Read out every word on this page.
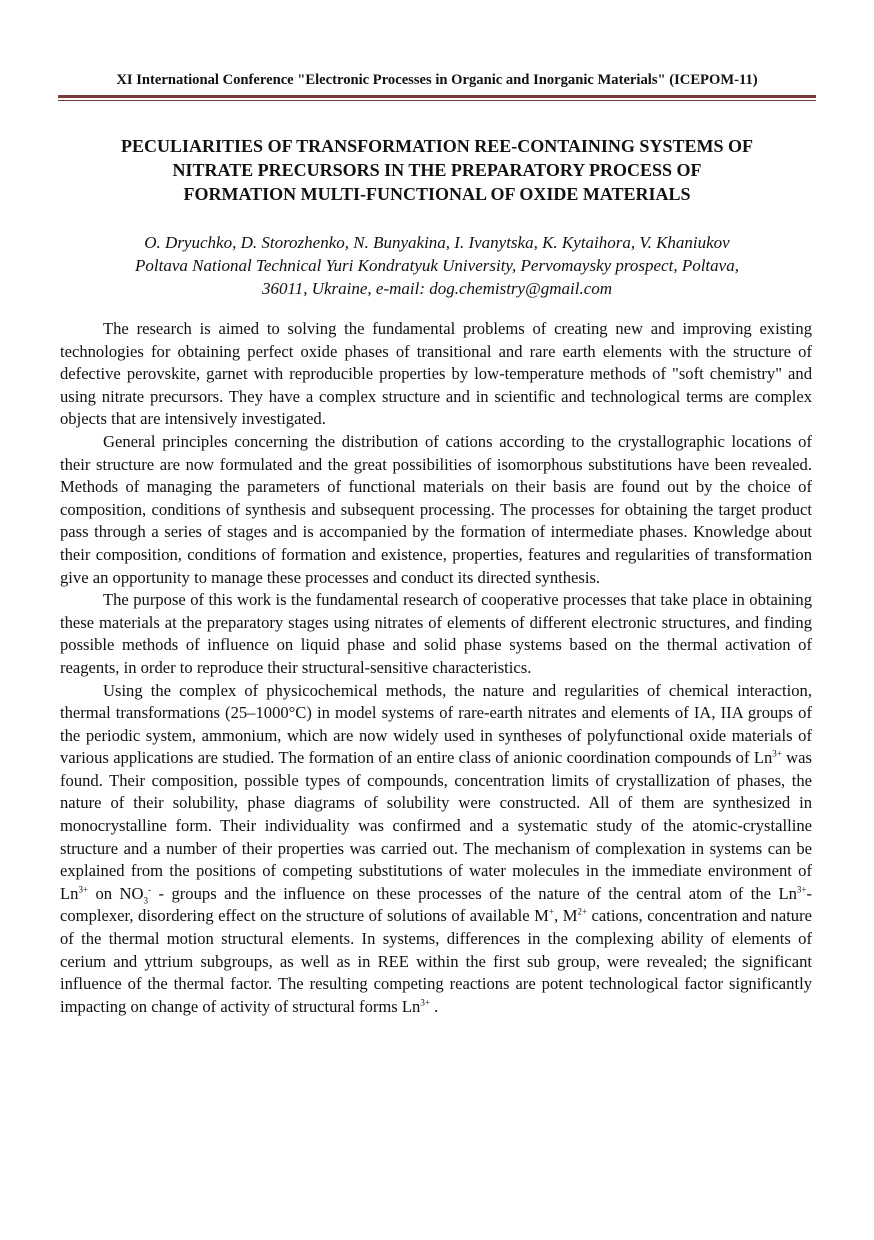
XI International Conference "Electronic Processes in Organic and Inorganic Materials" (ICEPOM-11)
PECULIARITIES OF TRANSFORMATION REE-CONTAINING SYSTEMS OF
NITRATE PRECURSORS IN THE PREPARATORY PROCESS OF
FORMATION MULTI-FUNCTIONAL OF OXIDE MATERIALS
O. Dryuchko, D. Storozhenko, N. Bunyakina, I. Ivanytska, K. Kytaihora, V. Khaniukov
Poltava National Technical Yuri Kondratyuk University, Pervomaysky prospect, Poltava,
36011, Ukraine, e-mail: dog.chemistry@gmail.com

The research is aimed to solving the fundamental problems of creating new and improving existing technologies for obtaining perfect oxide phases of transitional and rare earth elements with the structure of defective perovskite, garnet with reproducible properties by low-temperature methods of "soft chemistry" and using nitrate precursors. They have a complex structure and in scientific and technological terms are complex objects that are intensively investigated.

General principles concerning the distribution of cations according to the crystallographic locations of their structure are now formulated and the great possibilities of isomorphous substitutions have been revealed. Methods of managing the parameters of functional materials on their basis are found out by the choice of composition, conditions of synthesis and subsequent processing. The processes for obtaining the target product pass through a series of stages and is accompanied by the formation of intermediate phases. Knowledge about their composition, conditions of formation and existence, properties, features and regularities of transformation give an opportunity to manage these processes and conduct its directed synthesis.

The purpose of this work is the fundamental research of cooperative processes that take place in obtaining these materials at the preparatory stages using nitrates of elements of different electronic structures, and finding possible methods of influence on liquid phase and solid phase systems based on the thermal activation of reagents, in order to reproduce their structural-sensitive characteristics.

Using the complex of physicochemical methods, the nature and regularities of chemical interaction, thermal transformations (25–1000°C) in model systems of rare-earth nitrates and elements of IA, IIA groups of the periodic system, ammonium, which are now widely used in syntheses of polyfunctional oxide materials of various applications are studied. The formation of an entire class of anionic coordination compounds of $Ln^{3+}$ was found. Their composition, possible types of compounds, concentration limits of crystallization of phases, the nature of their solubility, phase diagrams of solubility were constructed. All of them are synthesized in monocrystalline form. Their individuality was confirmed and a systematic study of the atomic-crystalline structure and a number of their properties was carried out. The mechanism of complexation in systems can be explained from the positions of competing substitutions of water molecules in the immediate environment of $Ln^{3+}$ on $NO_3^-$ - groups and the influence on these processes of the nature of the central atom of the $Ln^{3+}-$ complexer, disordering effect on the structure of solutions of available M+, $M^{2+}$ cations, concentration and nature of the thermal motion structural elements. In systems, differences in the complexing ability of elements of cerium and yttrium subgroups, as well as in REE within the first sub group, were revealed; the significant influence of the thermal factor. The resulting competing reactions are potent technological factor significantly impacting on change of activity of structural forms $Ln^{3+}$ .
